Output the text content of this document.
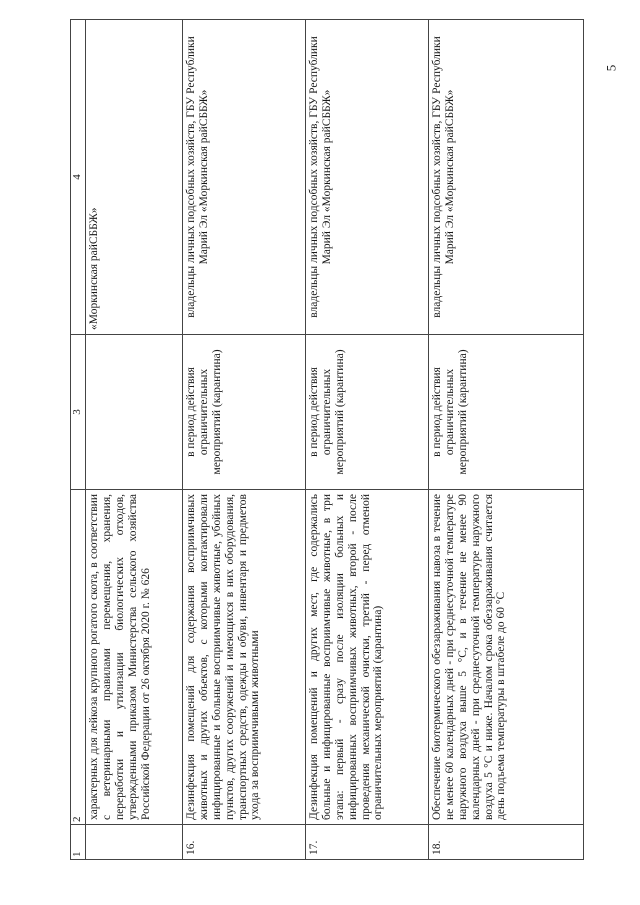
5
1	2	3	4
	характерных для лейкоза крупного рогатого скота, в соответствии с ветеринарными правилами перемещения, хранения, переработки и утилизации биологических отходов, утвержденными приказом Министерства сельского хозяйства Российской Федерации от 26 октября 2020 г. № 626		«Моркинская райСББЖ»
16.	Дезинфекция помещений для содержания восприимчивых животных и других объектов, с которыми контактировали инфицированные и больные восприимчивые животные, убойных пунктов, других сооружений и имеющихся в них оборудования, транспортных средств, одежды и обуви, инвентаря и предметов ухода за восприимчивыми животными	в период действия ограничительных мероприятий (карантина)	владельцы личных подсобных хозяйств, ГБУ Республики Марий Эл «Моркинская райСББЖ»
17.	Дезинфекция помещений и других мест, где содержались больные и инфицированные восприимчивые животные, в три этапа: первый - сразу после изоляции больных и инфицированных восприимчивых животных, второй - после проведения механической очистки, третий - перед отменой ограничительных мероприятий (карантина)	в период действия ограничительных мероприятий (карантина)	владельцы личных подсобных хозяйств, ГБУ Республики Марий Эл «Моркинская райСББЖ»
18.	Обеспечение биотермического обеззараживания навоза в течение не менее 60 календарных дней - при среднесуточной температуре наружного воздуха выше 5 °С, и в течение не менее 90 календарных дней - при среднесуточной температуре наружного воздуха 5 °С и ниже. Началом срока обеззараживания считается день подъема температуры в штабеле до 60 °С	в период действия ограничительных мероприятий (карантина)	владельцы личных подсобных хозяйств, ГБУ Республики Марий Эл «Моркинская райСББЖ»
